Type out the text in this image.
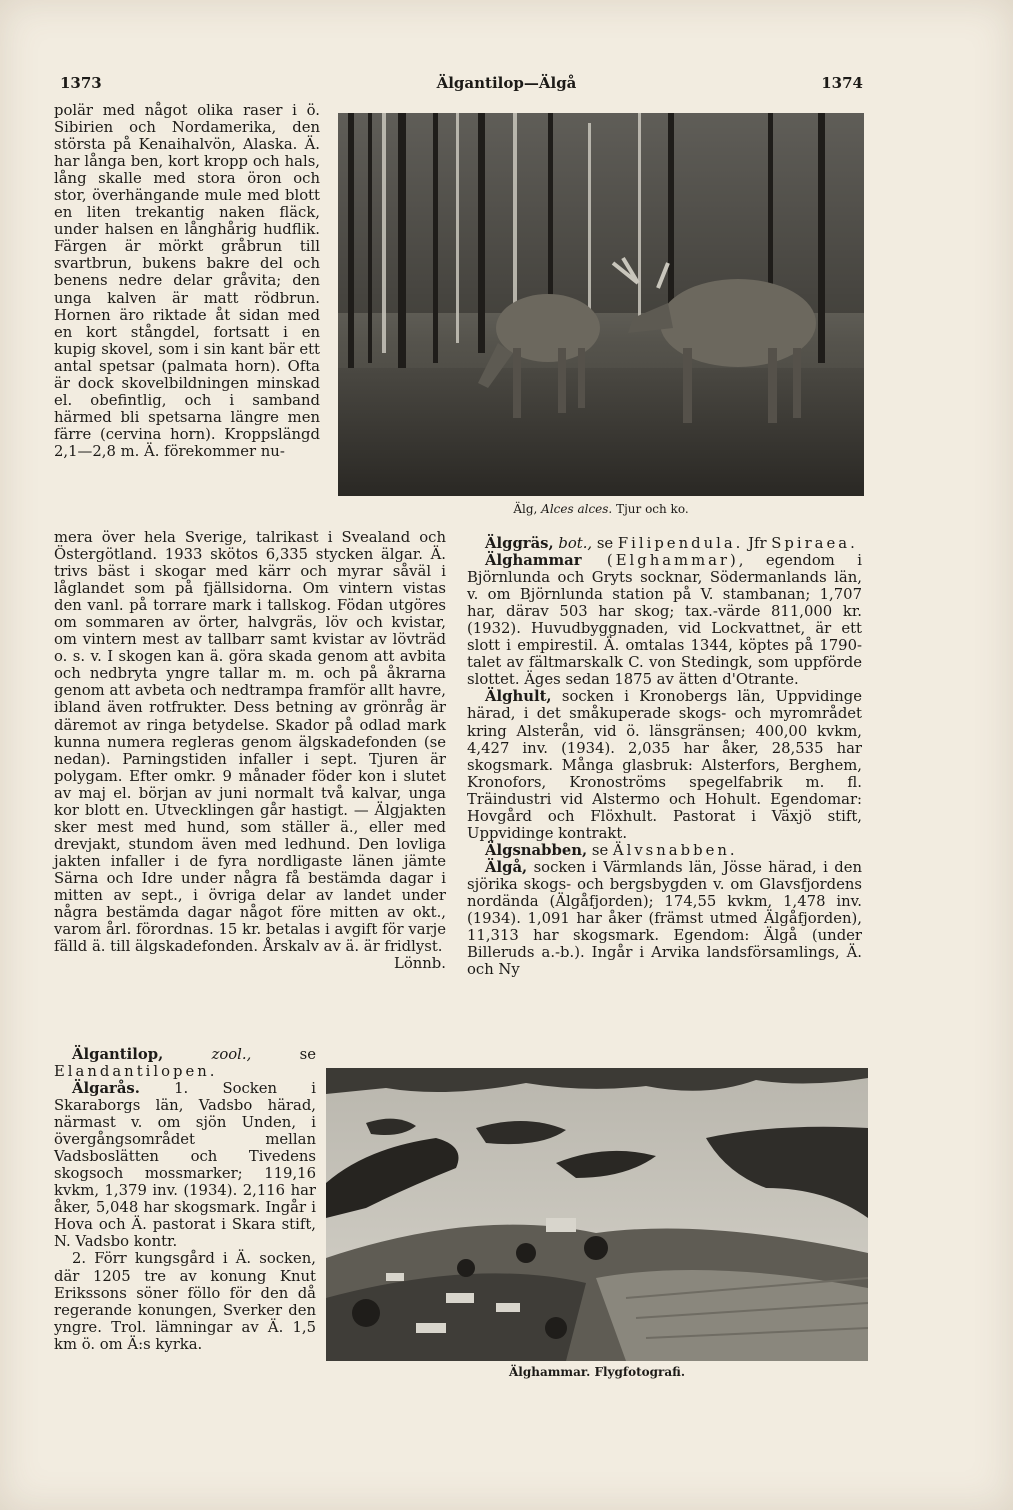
1373	Älgantilop—Älgå	1374

polär med något olika raser i ö. Sibirien och Nordamerika, den största på Kenaihalvön, Alaska. Ä. har långa ben, kort kropp och hals, lång skalle med stora öron och stor, överhängande mule med blott en liten trekantig naken fläck, under halsen en långhårig hudflik. Färgen är mörkt gråbrun till svartbrun, bukens bakre del och benens nedre delar gråvita; den unga kalven är matt rödbrun. Hornen äro riktade åt sidan med en kort stångdel, fortsatt i en kupig skovel, som i sin kant bär ett antal spetsar (palmata horn). Ofta är dock skovelbildningen minskad el. obefintlig, och i samband härmed bli spetsarna längre men färre (cervina horn). Kroppslängd 2,1—2,8 m. Ä. förekommer nu-

mera över hela Sverige, talrikast i Svealand och Östergötland. 1933 skötos 6,335 stycken älgar. Ä. trivs bäst i skogar med kärr och myrar såväl i låglandet som på fjällsidorna. Om vintern vistas den vanl. på torrare mark i tallskog. Födan utgöres om sommaren av örter, halvgräs, löv och kvistar, om vintern mest av tallbarr samt kvistar av lövträd o. s. v. I skogen kan ä. göra skada genom att avbita och nedbryta yngre tallar m. m. och på åkrarna genom att avbeta och nedtrampa framför allt havre, ibland även rotfrukter. Dess betning av grönråg är däremot av ringa betydelse. Skador på odlad mark kunna numera regleras genom älgskadefonden (se nedan). Parningstiden infaller i sept. Tjuren är polygam. Efter omkr. 9 månader föder kon i slutet av maj el. början av juni normalt två kalvar, unga kor blott en. Utvecklingen går hastigt. — Älgjakten sker mest med hund, som ställer ä., eller med drevjakt, stundom även med ledhund. Den lovliga jakten infaller i de fyra nordligaste länen jämte Särna och Idre under några få bestämda dagar i mitten av sept., i övriga delar av landet under några bestämda dagar något före mitten av okt., varom årl. förordnas. 15 kr. betalas i avgift för varje fälld ä. till älgskadefonden. Årskalv av ä. är fridlyst.
Lönnb.

Älgantilop, zool., se Elandantilopen.

Älgarås. 1. Socken i Skaraborgs län, Vadsbo härad, närmast v. om sjön Unden, i övergångsområdet mellan Vadsboslätten och Tivedens skogsoch mossmarker; 119,16 kvkm, 1,379 inv. (1934). 2,116 har åker, 5,048 har skogsmark. Ingår i Hova och Ä. pastorat i Skara stift, N. Vadsbo kontr.

2. Förr kungsgård i Ä. socken, där 1205 tre av konung Knut Erikssons söner föllo för den då regerande konungen, Sverker den yngre. Trol. lämningar av Ä. 1,5 km ö. om Ä:s kyrka.

Älg, Alces alces. Tjur och ko.

Älggräs, bot., se Filipendula. Jfr Spiraea.

Älghammar (Elghammar), egendom i Björnlunda och Gryts socknar, Södermanlands län, v. om Björnlunda station på V. stambanan; 1,707 har, därav 503 har skog; tax.-värde 811,000 kr. (1932). Huvudbyggnaden, vid Lockvattnet, är ett slott i empirestil. Ä. omtalas 1344, köptes på 1790-talet av fältmarskalk C. von Stedingk, som uppförde slottet. Äges sedan 1875 av ätten d'Otrante.

Älghult, socken i Kronobergs län, Uppvidinge härad, i det småkuperade skogs- och myrområdet kring Alsterån, vid ö. länsgränsen; 400,00 kvkm, 4,427 inv. (1934). 2,035 har åker, 28,535 har skogsmark. Många glasbruk: Alsterfors, Berghem, Kronofors, Kronoströms spegelfabrik m. fl. Träindustri vid Alstermo och Hohult. Egendomar: Hovgård och Flöxhult. Pastorat i Växjö stift, Uppvidinge kontrakt.

Älgsnabben, se Älvsnabben.

Älgå, socken i Värmlands län, Jösse härad, i den sjörika skogs- och bergsbygden v. om Glavsfjordens nordända (Älgåfjorden); 174,55 kvkm, 1,478 inv. (1934). 1,091 har åker (främst utmed Älgåfjorden), 11,313 har skogsmark. Egendom: Älgå (under Billeruds a.-b.). Ingår i Arvika landsförsamlings, Ä. och Ny

Älghammar. Flygfotografi.
